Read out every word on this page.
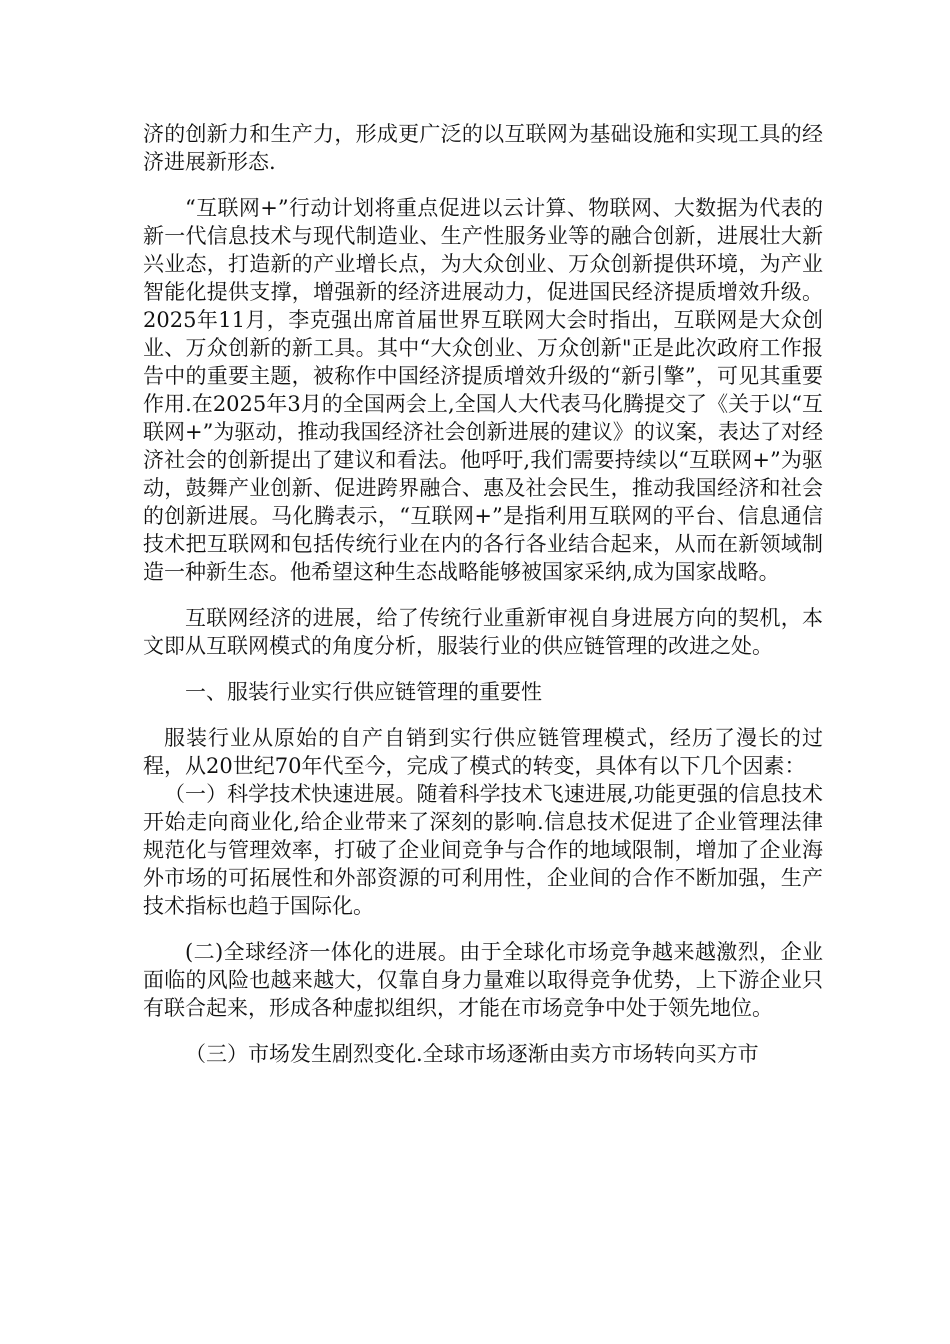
济的创新力和生产力，形成更广泛的以互联网为基础设施和实现工具的经济进展新形态.

“互联网+”行动计划将重点促进以云计算、物联网、大数据为代表的新一代信息技术与现代制造业、生产性服务业等的融合创新，进展壮大新兴业态，打造新的产业增长点，为大众创业、万众创新提供环境，为产业智能化提供支撑，增强新的经济进展动力，促进国民经济提质增效升级。2025年11月，李克强出席首届世界互联网大会时指出，互联网是大众创业、万众创新的新工具。其中“大众创业、万众创新"正是此次政府工作报告中的重要主题，被称作中国经济提质增效升级的“新引擎”，可见其重要作用.在2025年3月的全国两会上,全国人大代表马化腾提交了《关于以“互联网+”为驱动，推动我国经济社会创新进展的建议》的议案，表达了对经济社会的创新提出了建议和看法。他呼吁,我们需要持续以“互联网+”为驱动，鼓舞产业创新、促进跨界融合、惠及社会民生，推动我国经济和社会的创新进展。马化腾表示，“互联网+”是指利用互联网的平台、信息通信技术把互联网和包括传统行业在内的各行各业结合起来，从而在新领域制造一种新生态。他希望这种生态战略能够被国家采纳,成为国家战略。

互联网经济的进展，给了传统行业重新审视自身进展方向的契机，本文即从互联网模式的角度分析，服装行业的供应链管理的改进之处。

一、服装行业实行供应链管理的重要性

服装行业从原始的自产自销到实行供应链管理模式，经历了漫长的过程，从20世纪70年代至今，完成了模式的转变，具体有以下几个因素：

（一）科学技术快速进展。随着科学技术飞速进展,功能更强的信息技术开始走向商业化,给企业带来了深刻的影响.信息技术促进了企业管理法律规范化与管理效率，打破了企业间竞争与合作的地域限制，增加了企业海外市场的可拓展性和外部资源的可利用性，企业间的合作不断加强，生产技术指标也趋于国际化。

(二)全球经济一体化的进展。由于全球化市场竞争越来越激烈，企业面临的风险也越来越大，仅靠自身力量难以取得竞争优势，上下游企业只有联合起来，形成各种虚拟组织，才能在市场竞争中处于领先地位。

（三）市场发生剧烈变化.全球市场逐渐由卖方市场转向买方市
